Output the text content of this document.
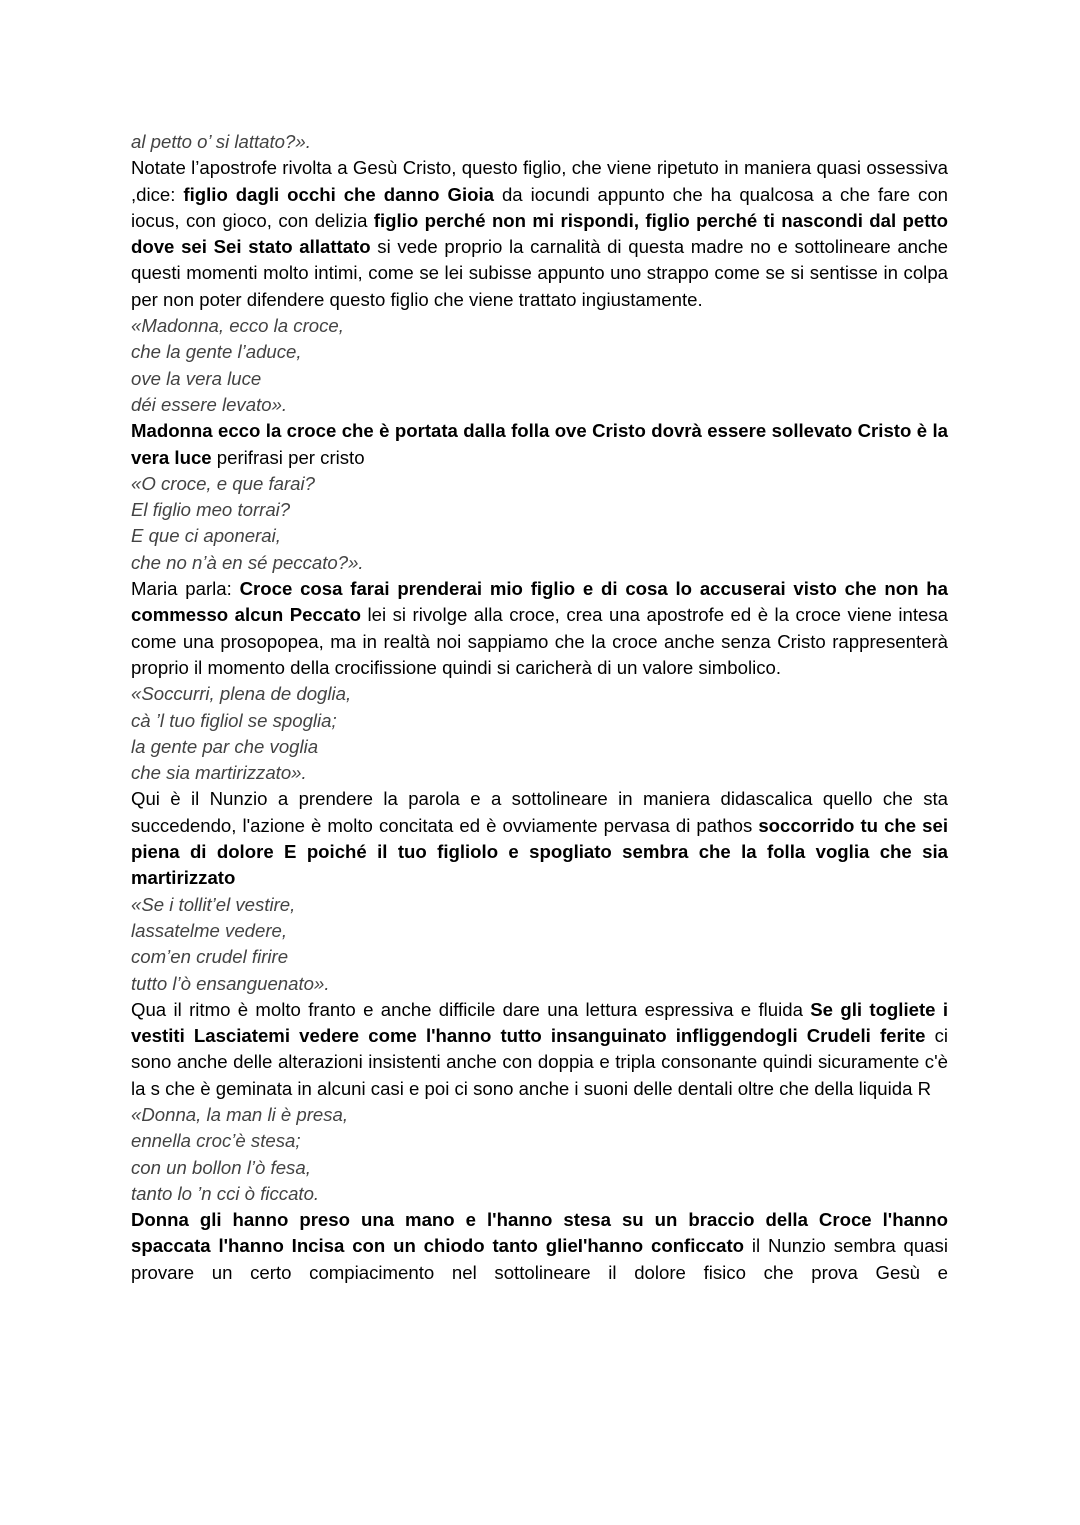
al petto o’ si lattato?».
Notate l’apostrofe rivolta a Gesù Cristo, questo figlio, che viene ripetuto in maniera quasi ossessiva ,dice: figlio dagli occhi che danno Gioia da iocundi appunto che ha qualcosa a che fare con iocus, con gioco, con delizia figlio perché non mi rispondi, figlio perché ti nascondi dal petto dove sei Sei stato allattato si vede proprio la carnalità di questa madre no e sottolineare anche questi momenti molto intimi, come se lei subisse appunto uno strappo come se si sentisse in colpa per non poter difendere questo figlio che viene trattato ingiustamente.
«Madonna, ecco la croce,
che la gente l’aduce,
ove la vera luce
déi essere levato».
Madonna ecco la croce che è portata dalla folla ove Cristo dovrà essere sollevato Cristo è la vera luce perifrasi per cristo
«O croce, e que farai?
El figlio meo torrai?
E que ci aponerai,
che no n’à en sé peccato?».
Maria parla: Croce cosa farai prenderai mio figlio e di cosa lo accuserai visto che non ha commesso alcun Peccato lei si rivolge alla croce, crea una apostrofe ed è la croce viene intesa come una prosopopea, ma in realtà noi sappiamo che la croce anche senza Cristo rappresenterà proprio il momento della crocifissione quindi si caricherà di un valore simbolico.
«Soccurri, plena de doglia,
cà ’l tuo figliol se spoglia;
la gente par che voglia
che sia martirizzato».
Qui è il Nunzio a prendere la parola e a sottolineare in maniera didascalica quello che sta succedendo, l'azione è molto concitata ed è ovviamente pervasa di pathos soccorrido tu che sei piena di dolore E poiché il tuo figliolo e spogliato sembra che la folla voglia che sia martirizzato
«Se i tollit’el vestire,
lassatelme vedere,
com’en crudel firire
tutto l’ò ensanguenato».
Qua il ritmo è molto franto e anche difficile dare una lettura espressiva e fluida Se gli togliete i vestiti Lasciatemi vedere come l'hanno tutto insanguinato infliggendogli Crudeli ferite ci sono anche delle alterazioni insistenti anche con doppia e tripla consonante quindi sicuramente c'è la s che è geminata in alcuni casi e poi ci sono anche i suoni delle dentali oltre che della liquida R
«Donna, la man li è presa,
ennella croc’è stesa;
con un bollon l’ò fesa,
tanto lo ’n cci ò ficcato.
Donna gli hanno preso una mano e l'hanno stesa su un braccio della Croce l'hanno spaccata l'hanno Incisa con un chiodo tanto glieI'hanno conficcato il Nunzio sembra quasi provare un certo compiacimento nel sottolineare il dolore fisico che prova Gesù e
